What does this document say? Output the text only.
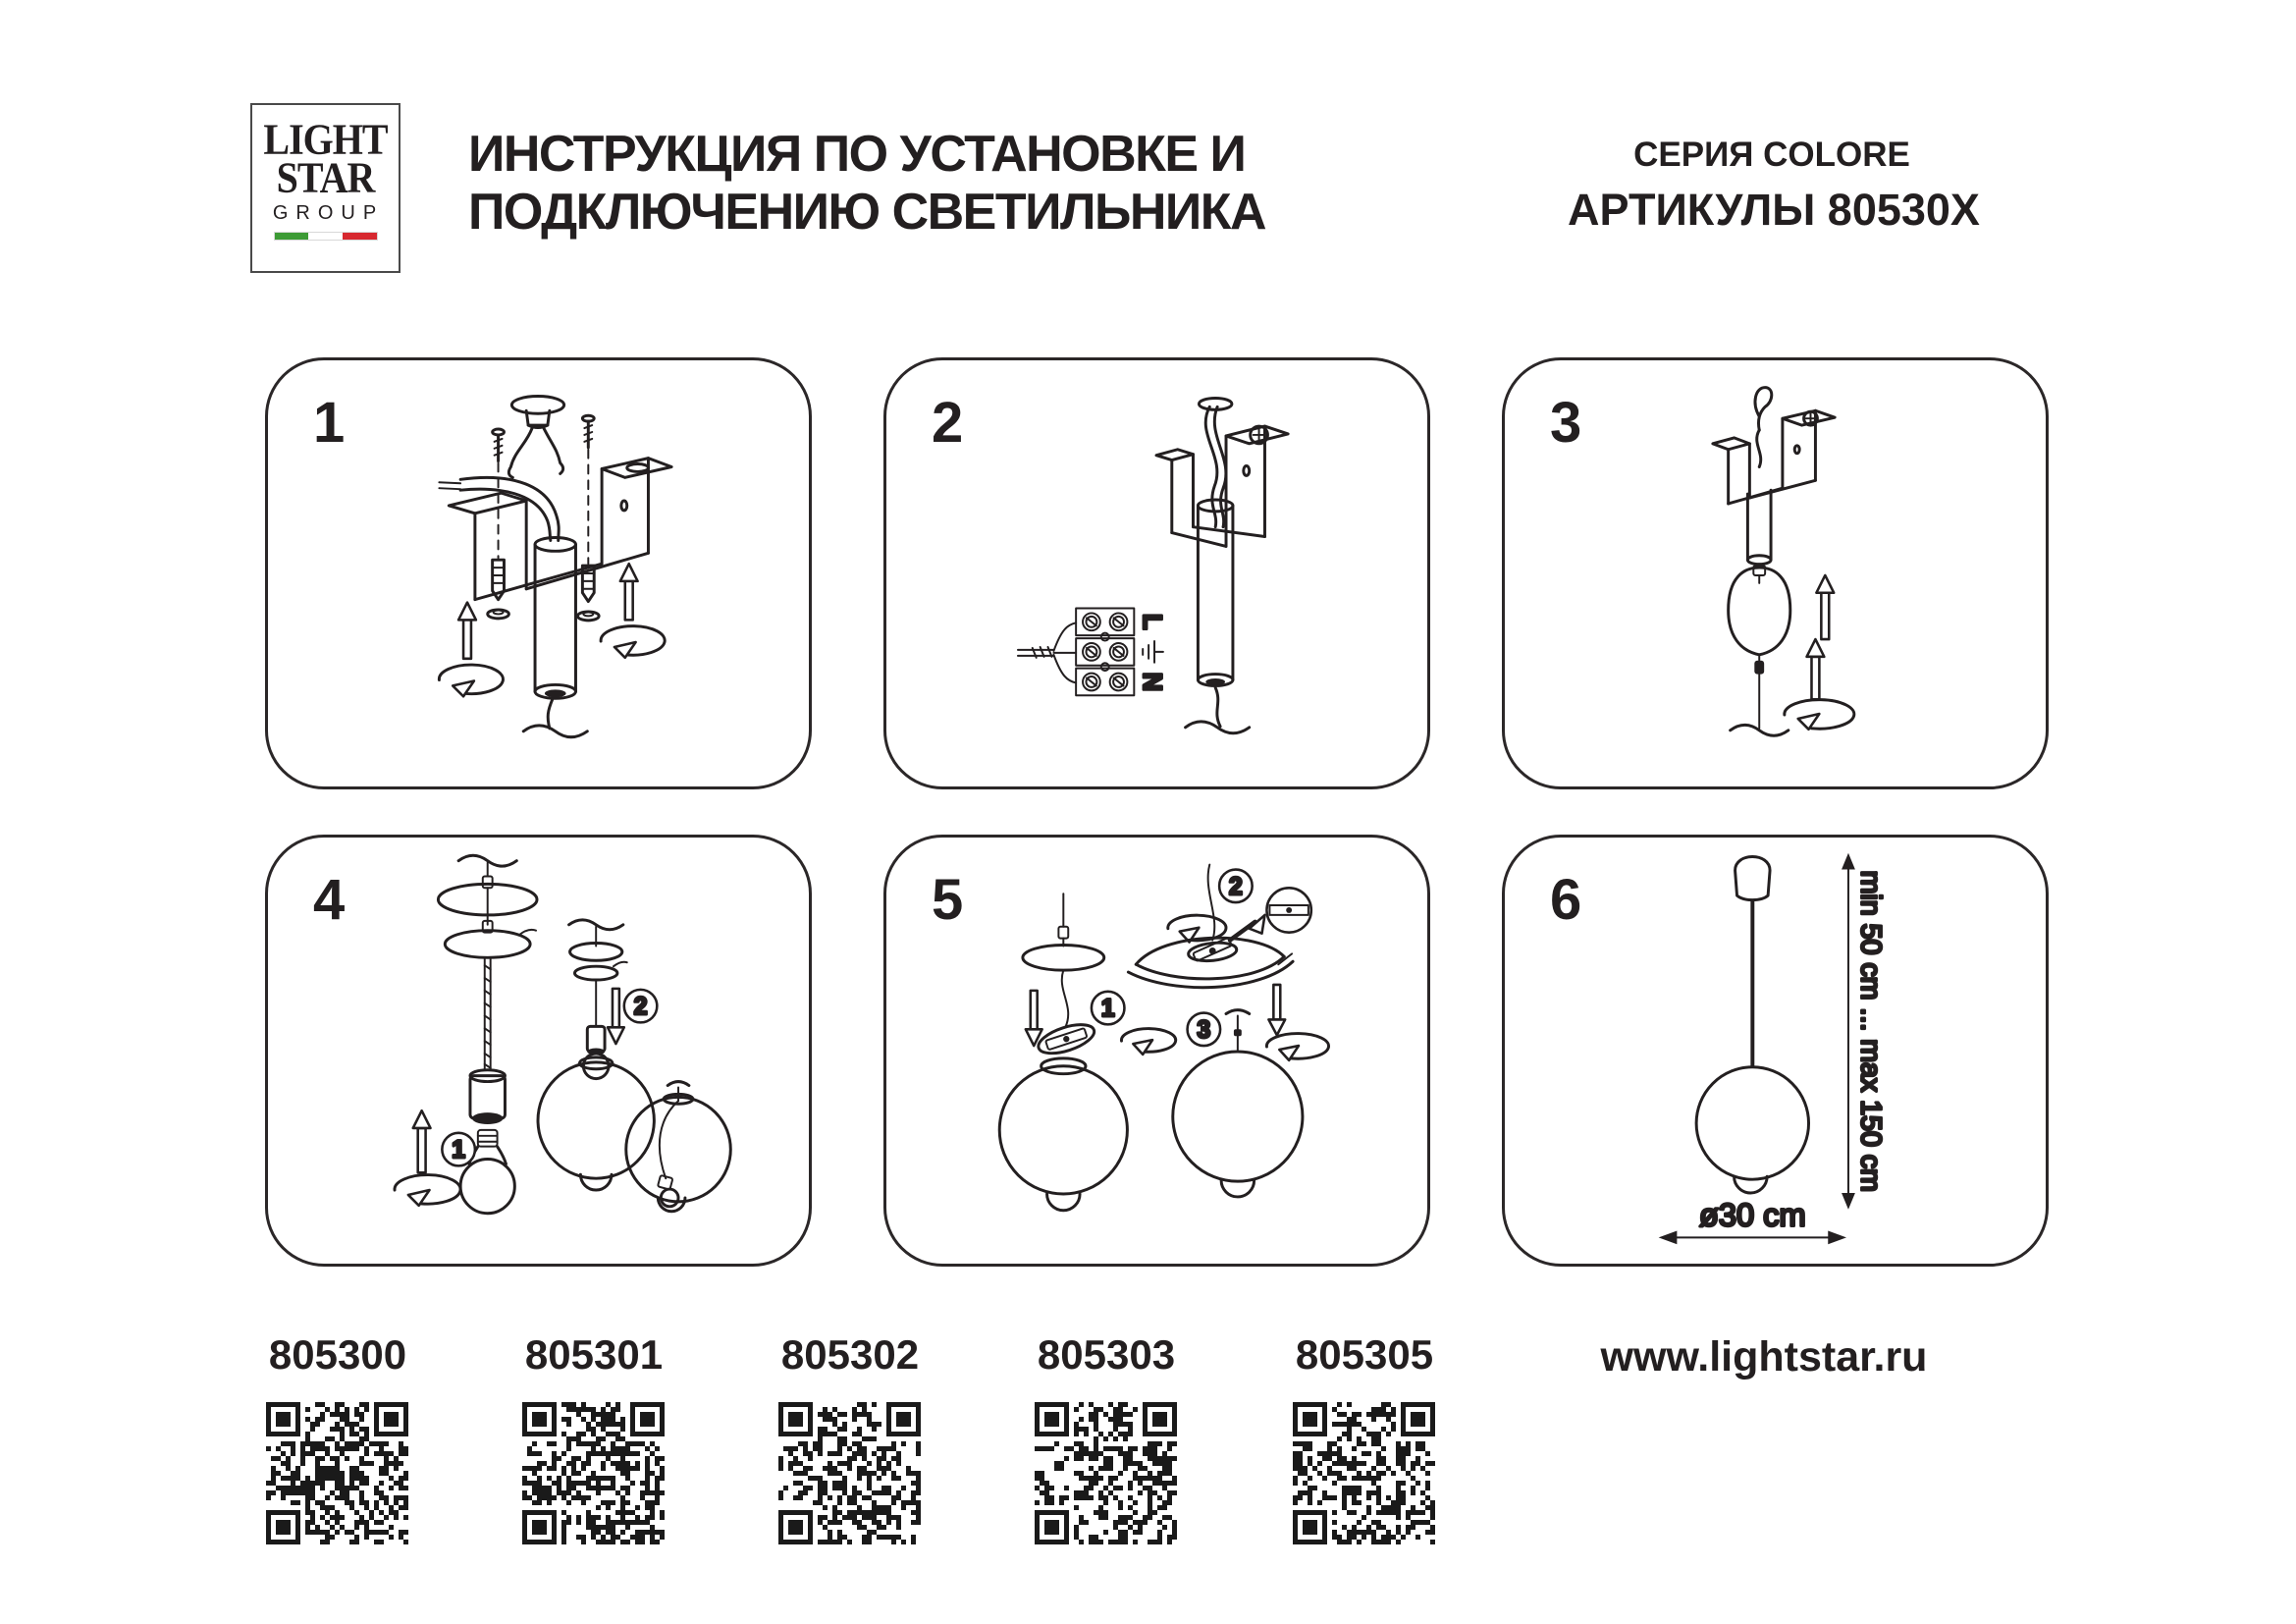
LIGHT
STAR
GROUP
ИНСТРУКЦИЯ ПО УСТАНОВКЕ И
ПОДКЛЮЧЕНИЮ СВЕТИЛЬНИКА
СЕРИЯ COLORE
АРТИКУЛЫ 80530X
1
L
N
2	3
1
2
4
1
2
3
5	min 50 cm ... max 150 cm
ø30 cm
6
805300	805301	805302	805303	805305	www.lightstar.ru
